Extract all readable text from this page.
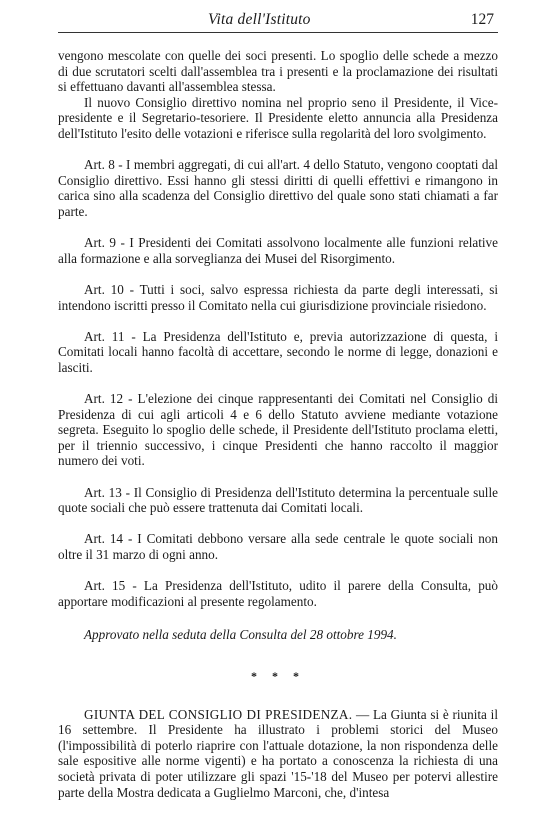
Vita dell'Istituto	127

vengono mescolate con quelle dei soci presenti. Lo spoglio delle schede a mezzo di due scrutatori scelti dall'assemblea tra i presenti e la proclamazione dei risultati si effettuano davanti all'assemblea stessa.

Il nuovo Consiglio direttivo nomina nel proprio seno il Presidente, il Vice-presidente e il Segretario-tesoriere. Il Presidente eletto annuncia alla Presidenza dell'Istituto l'esito delle votazioni e riferisce sulla regolarità del loro svolgimento.

Art. 8 - I membri aggregati, di cui all'art. 4 dello Statuto, vengono cooptati dal Consiglio direttivo. Essi hanno gli stessi diritti di quelli effettivi e rimangono in carica sino alla scadenza del Consiglio direttivo del quale sono stati chiamati a far parte.

Art. 9 - I Presidenti dei Comitati assolvono localmente alle funzioni relative alla formazione e alla sorveglianza dei Musei del Risorgimento.

Art. 10 - Tutti i soci, salvo espressa richiesta da parte degli interessati, si intendono iscritti presso il Comitato nella cui giurisdizione provinciale risiedono.

Art. 11 - La Presidenza dell'Istituto e, previa autorizzazione di questa, i Comitati locali hanno facoltà di accettare, secondo le norme di legge, donazioni e lasciti.

Art. 12 - L'elezione dei cinque rappresentanti dei Comitati nel Consiglio di Presidenza di cui agli articoli 4 e 6 dello Statuto avviene mediante votazione segreta. Eseguito lo spoglio delle schede, il Presidente dell'Istituto proclama eletti, per il triennio successivo, i cinque Presidenti che hanno raccolto il maggior numero dei voti.

Art. 13 - Il Consiglio di Presidenza dell'Istituto determina la percentuale sulle quote sociali che può essere trattenuta dai Comitati locali.

Art. 14 - I Comitati debbono versare alla sede centrale le quote sociali non oltre il 31 marzo di ogni anno.

Art. 15 - La Presidenza dell'Istituto, udito il parere della Consulta, può apportare modificazioni al presente regolamento.

Approvato nella seduta della Consulta del 28 ottobre 1994.

* * *

GIUNTA DEL CONSIGLIO DI PRESIDENZA. — La Giunta si è riunita il 16 settembre. Il Presidente ha illustrato i problemi storici del Museo (l'impossibilità di poterlo riaprire con l'attuale dotazione, la non rispondenza delle sale espositive alle norme vigenti) e ha portato a conoscenza la richiesta di una società privata di poter utilizzare gli spazi '15-'18 del Museo per potervi allestire parte della Mostra dedicata a Guglielmo Marconi, che, d'intesa
